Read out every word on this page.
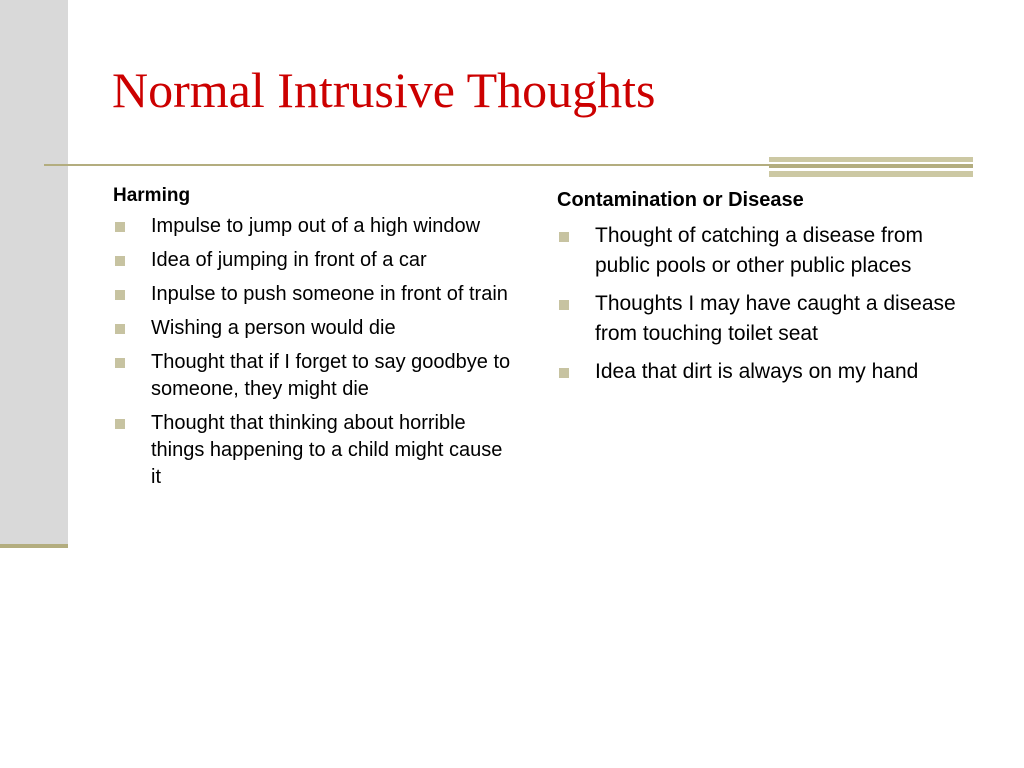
Normal Intrusive Thoughts

Harming

Impulse to jump out of a high window
Idea of jumping in front of a car
Inpulse to push someone in front of train
Wishing a person would die
Thought that if I forget to say goodbye to someone, they might die
Thought that thinking about horrible things happening to a child might cause it

Contamination or Disease

Thought of catching a disease from public pools or other public places
Thoughts I may have caught a disease from touching toilet seat
Idea that dirt is always on my hand
